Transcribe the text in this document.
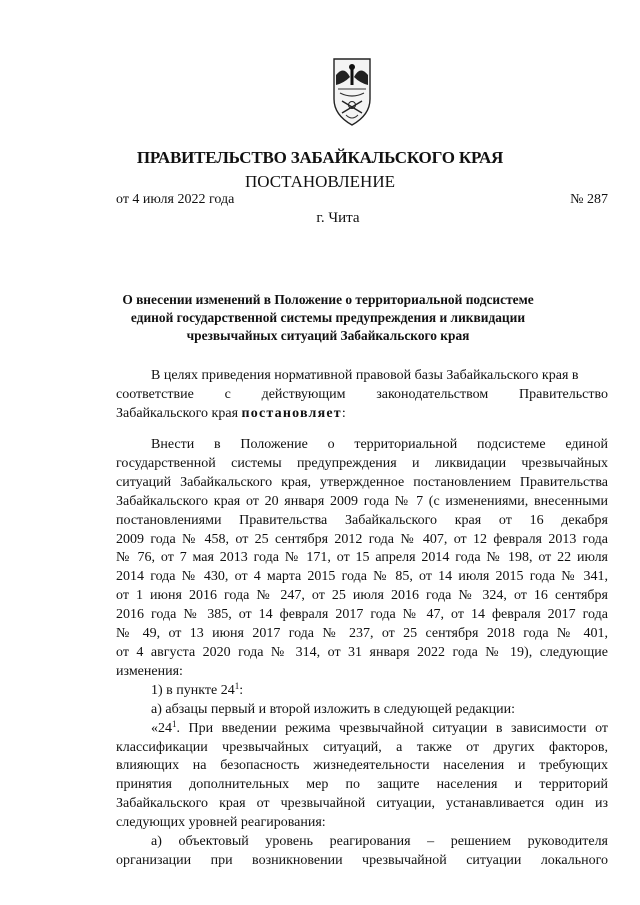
ПРАВИТЕЛЬСТВО ЗАБАЙКАЛЬСКОГО КРАЯ
ПОСТАНОВЛЕНИЕ
от 4 июля 2022 года	№ 287
г. Чита
О внесении изменений в Положение о территориальной подсистеме
единой государственной системы предупреждения и ликвидации
чрезвычайных ситуаций Забайкальского края
В целях приведения нормативной правовой базы Забайкальского края в
соответствие с действующим законодательством Правительство
Забайкальского края постановляет:
Внести в Положение о территориальной подсистеме единой
государственной системы предупреждения и ликвидации чрезвычайных
ситуаций Забайкальского края, утвержденное постановлением Правительства
Забайкальского края от 20 января 2009 года № 7 (с изменениями, внесенными
постановлениями Правительства Забайкальского края от 16 декабря
2009 года № 458, от 25 сентября 2012 года № 407, от 12 февраля 2013 года
№ 76, от 7 мая 2013 года № 171, от 15 апреля 2014 года № 198, от 22 июля
2014 года № 430, от 4 марта 2015 года № 85, от 14 июля 2015 года № 341,
от 1 июня 2016 года № 247, от 25 июля 2016 года № 324, от 16 сентября
2016 года № 385, от 14 февраля 2017 года № 47, от 14 февраля 2017 года
№ 49, от 13 июня 2017 года № 237, от 25 сентября 2018 года № 401,
от 4 августа 2020 года № 314, от 31 января 2022 года № 19), следующие
изменения:
1) в пункте $24^1$:
а) абзацы первый и второй изложить в следующей редакции:
«$24^1$. При введении режима чрезвычайной ситуации в зависимости от
классификации чрезвычайных ситуаций, а также от других факторов,
влияющих на безопасность жизнедеятельности населения и требующих
принятия дополнительных мер по защите населения и территорий
Забайкальского края от чрезвычайной ситуации, устанавливается один из
следующих уровней реагирования:
а) объектовый уровень реагирования – решением руководителя
организации при возникновении чрезвычайной ситуации локального
